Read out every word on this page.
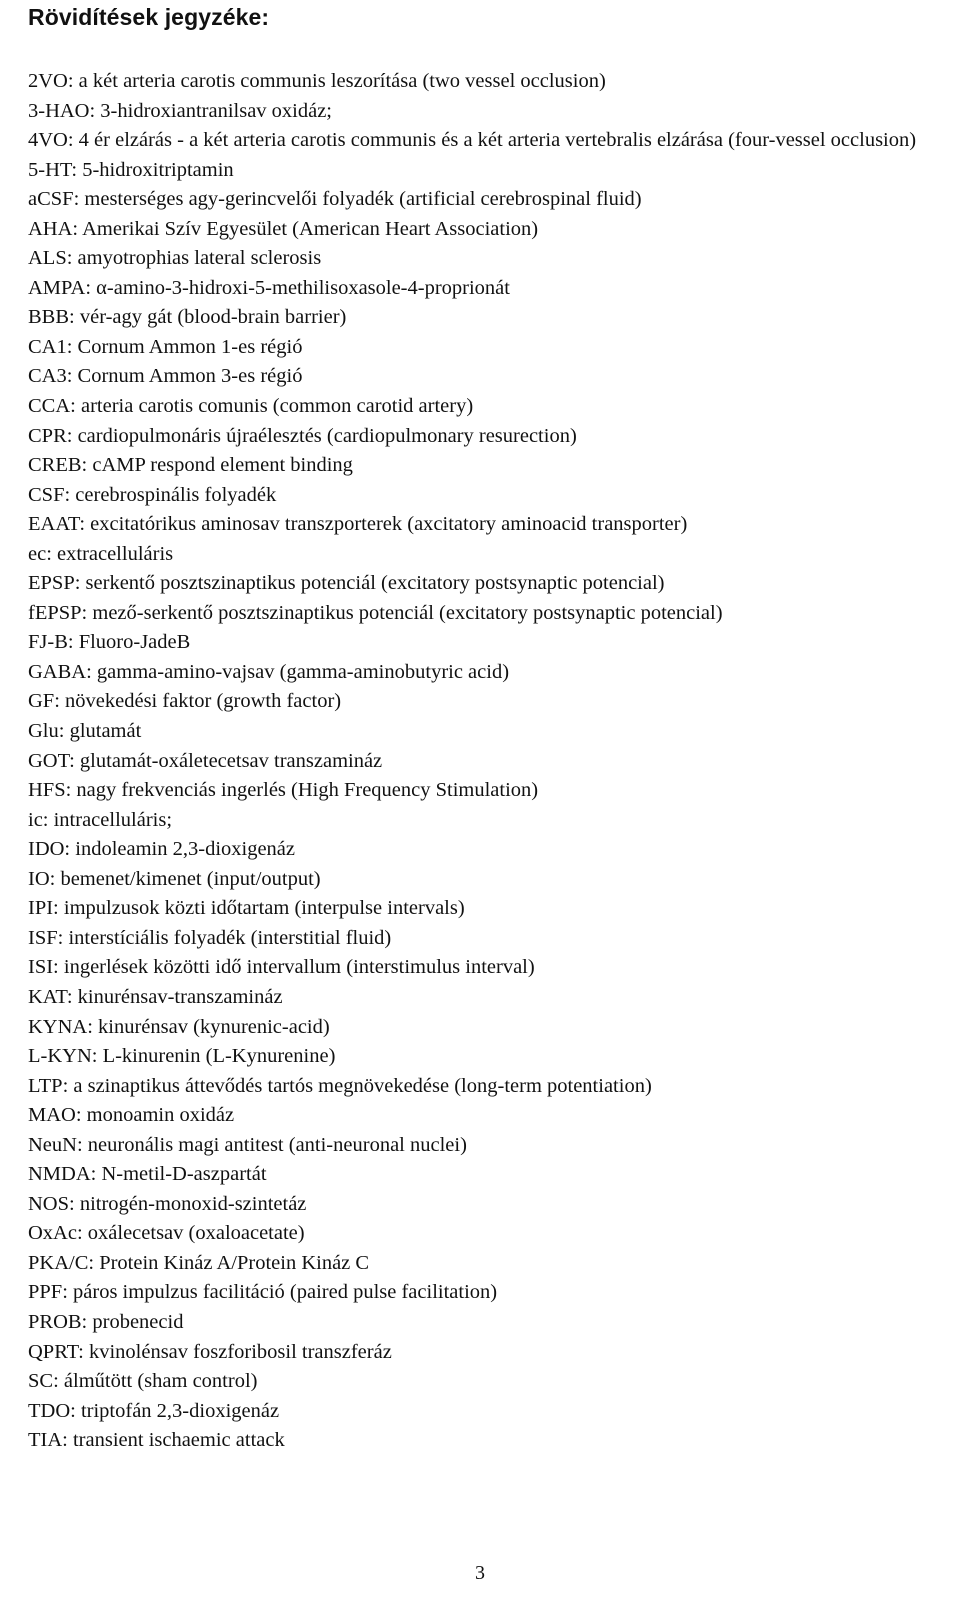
Rövidítések jegyzéke:
2VO: a két arteria carotis communis leszorítása (two vessel occlusion)
3-HAO: 3-hidroxiantranilsav oxidáz;
4VO: 4 ér elzárás - a két arteria carotis communis és a két arteria vertebralis elzárása (four-vessel occlusion)
5-HT: 5-hidroxitriptamin
aCSF: mesterséges agy-gerincvelői folyadék (artificial cerebrospinal fluid)
AHA: Amerikai Szív Egyesület (American Heart Association)
ALS: amyotrophias lateral sclerosis
AMPA: α-amino-3-hidroxi-5-methilisoxasole-4-proprionát
BBB: vér-agy gát (blood-brain barrier)
CA1: Cornum Ammon 1-es régió
CA3: Cornum Ammon 3-es régió
CCA: arteria carotis comunis (common carotid artery)
CPR: cardiopulmonáris újraélesztés (cardiopulmonary resurection)
CREB: cAMP respond element binding
CSF: cerebrospinális folyadék
EAAT: excitatórikus aminosav transzporterek (axcitatory aminoacid transporter)
ec: extracelluláris
EPSP: serkentő posztszinaptikus potenciál (excitatory postsynaptic potencial)
fEPSP: mező-serkentő posztszinaptikus potenciál (excitatory postsynaptic potencial)
FJ-B: Fluoro-JadeB
GABA: gamma-amino-vajsav (gamma-aminobutyric acid)
GF: növekedési faktor (growth factor)
Glu: glutamát
GOT: glutamát-oxáletecetsav transzamináz
HFS: nagy frekvenciás ingerlés (High Frequency Stimulation)
ic: intracelluláris;
IDO: indoleamin 2,3-dioxigenáz
IO: bemenet/kimenet (input/output)
IPI: impulzusok közti időtartam (interpulse intervals)
ISF: interstíciális folyadék (interstitial fluid)
ISI: ingerlések közötti idő intervallum (interstimulus interval)
KAT: kinurénsav-transzamináz
KYNA: kinurénsav (kynurenic-acid)
L-KYN: L-kinurenin (L-Kynurenine)
LTP: a szinaptikus áttevődés tartós megnövekedése (long-term potentiation)
MAO: monoamin oxidáz
NeuN: neuronális magi antitest (anti-neuronal nuclei)
NMDA: N-metil-D-aszpartát
NOS: nitrogén-monoxid-szintetáz
OxAc: oxálecetsav (oxaloacetate)
PKA/C: Protein Kináz A/Protein Kináz C
PPF: páros impulzus facilitáció (paired pulse facilitation)
PROB: probenecid
QPRT: kvinolénsav foszforibosil transzferáz
SC: álműtött (sham control)
TDO: triptofán 2,3-dioxigenáz
TIA: transient ischaemic attack
3
